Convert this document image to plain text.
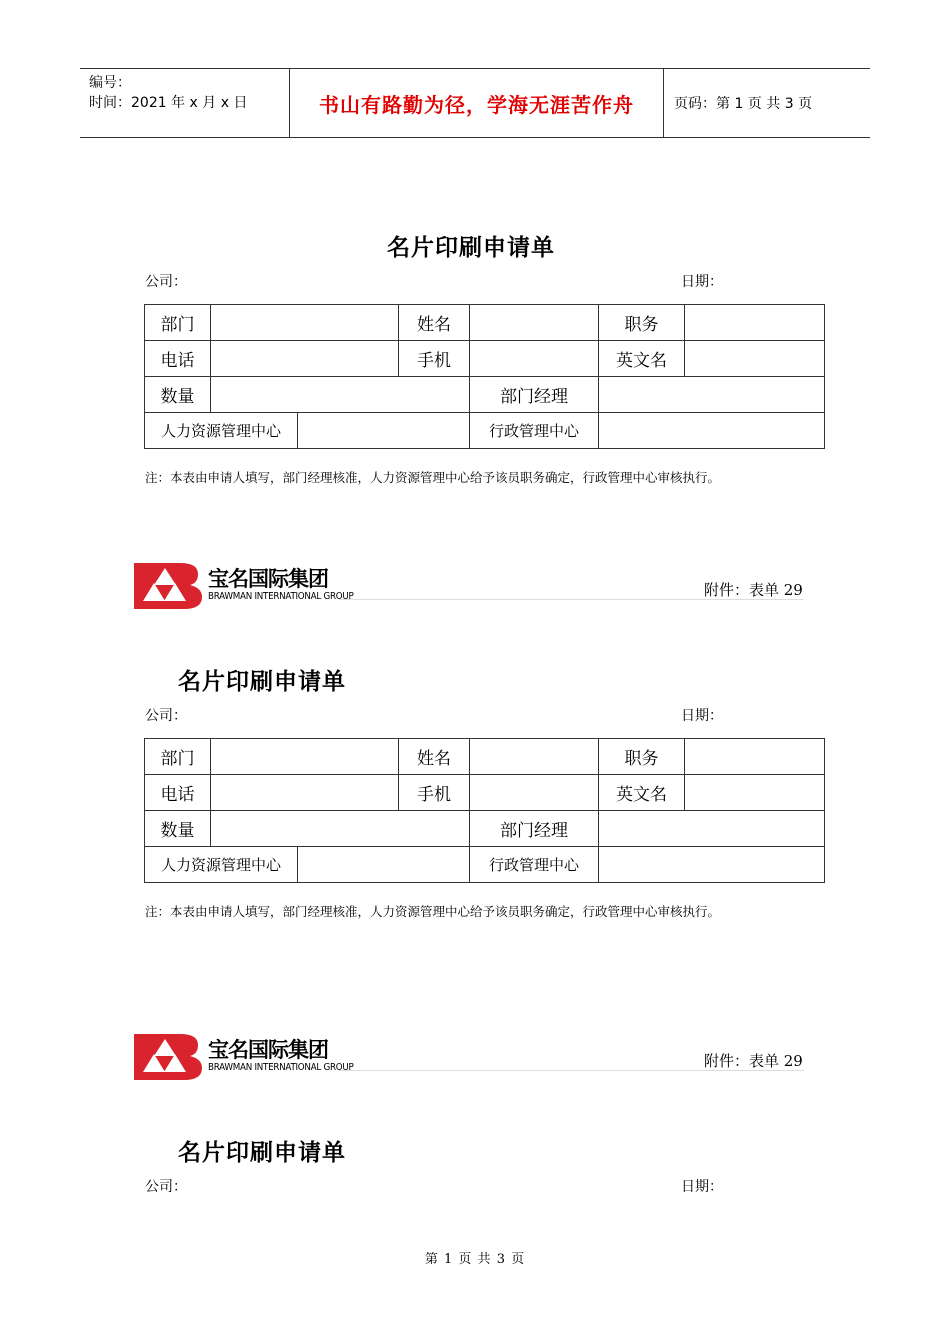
编号：
时间：2021 年 x 月 x 日	书山有路勤为径，学海无涯苦作舟	页码：第 1 页 共 3 页
名片印刷申请单
公司：	日期：
部门			姓名		职务	
电话			手机		英文名	
数量				部门经理		
人力资源管理中心				行政管理中心		
注：本表由申请人填写，部门经理核准，人力资源管理中心给予该员职务确定，行政管理中心审核执行。
宝名国际集团
BRAWMAN INTERNATIONAL GROUP	附件：表单 29
名片印刷申请单
公司：	日期：
部门			姓名		职务	
电话			手机		英文名	
数量				部门经理		
人力资源管理中心				行政管理中心		
注：本表由申请人填写，部门经理核准，人力资源管理中心给予该员职务确定，行政管理中心审核执行。
宝名国际集团
BRAWMAN INTERNATIONAL GROUP	附件：表单 29
名片印刷申请单
公司：	日期：
第 1 页 共 3 页
